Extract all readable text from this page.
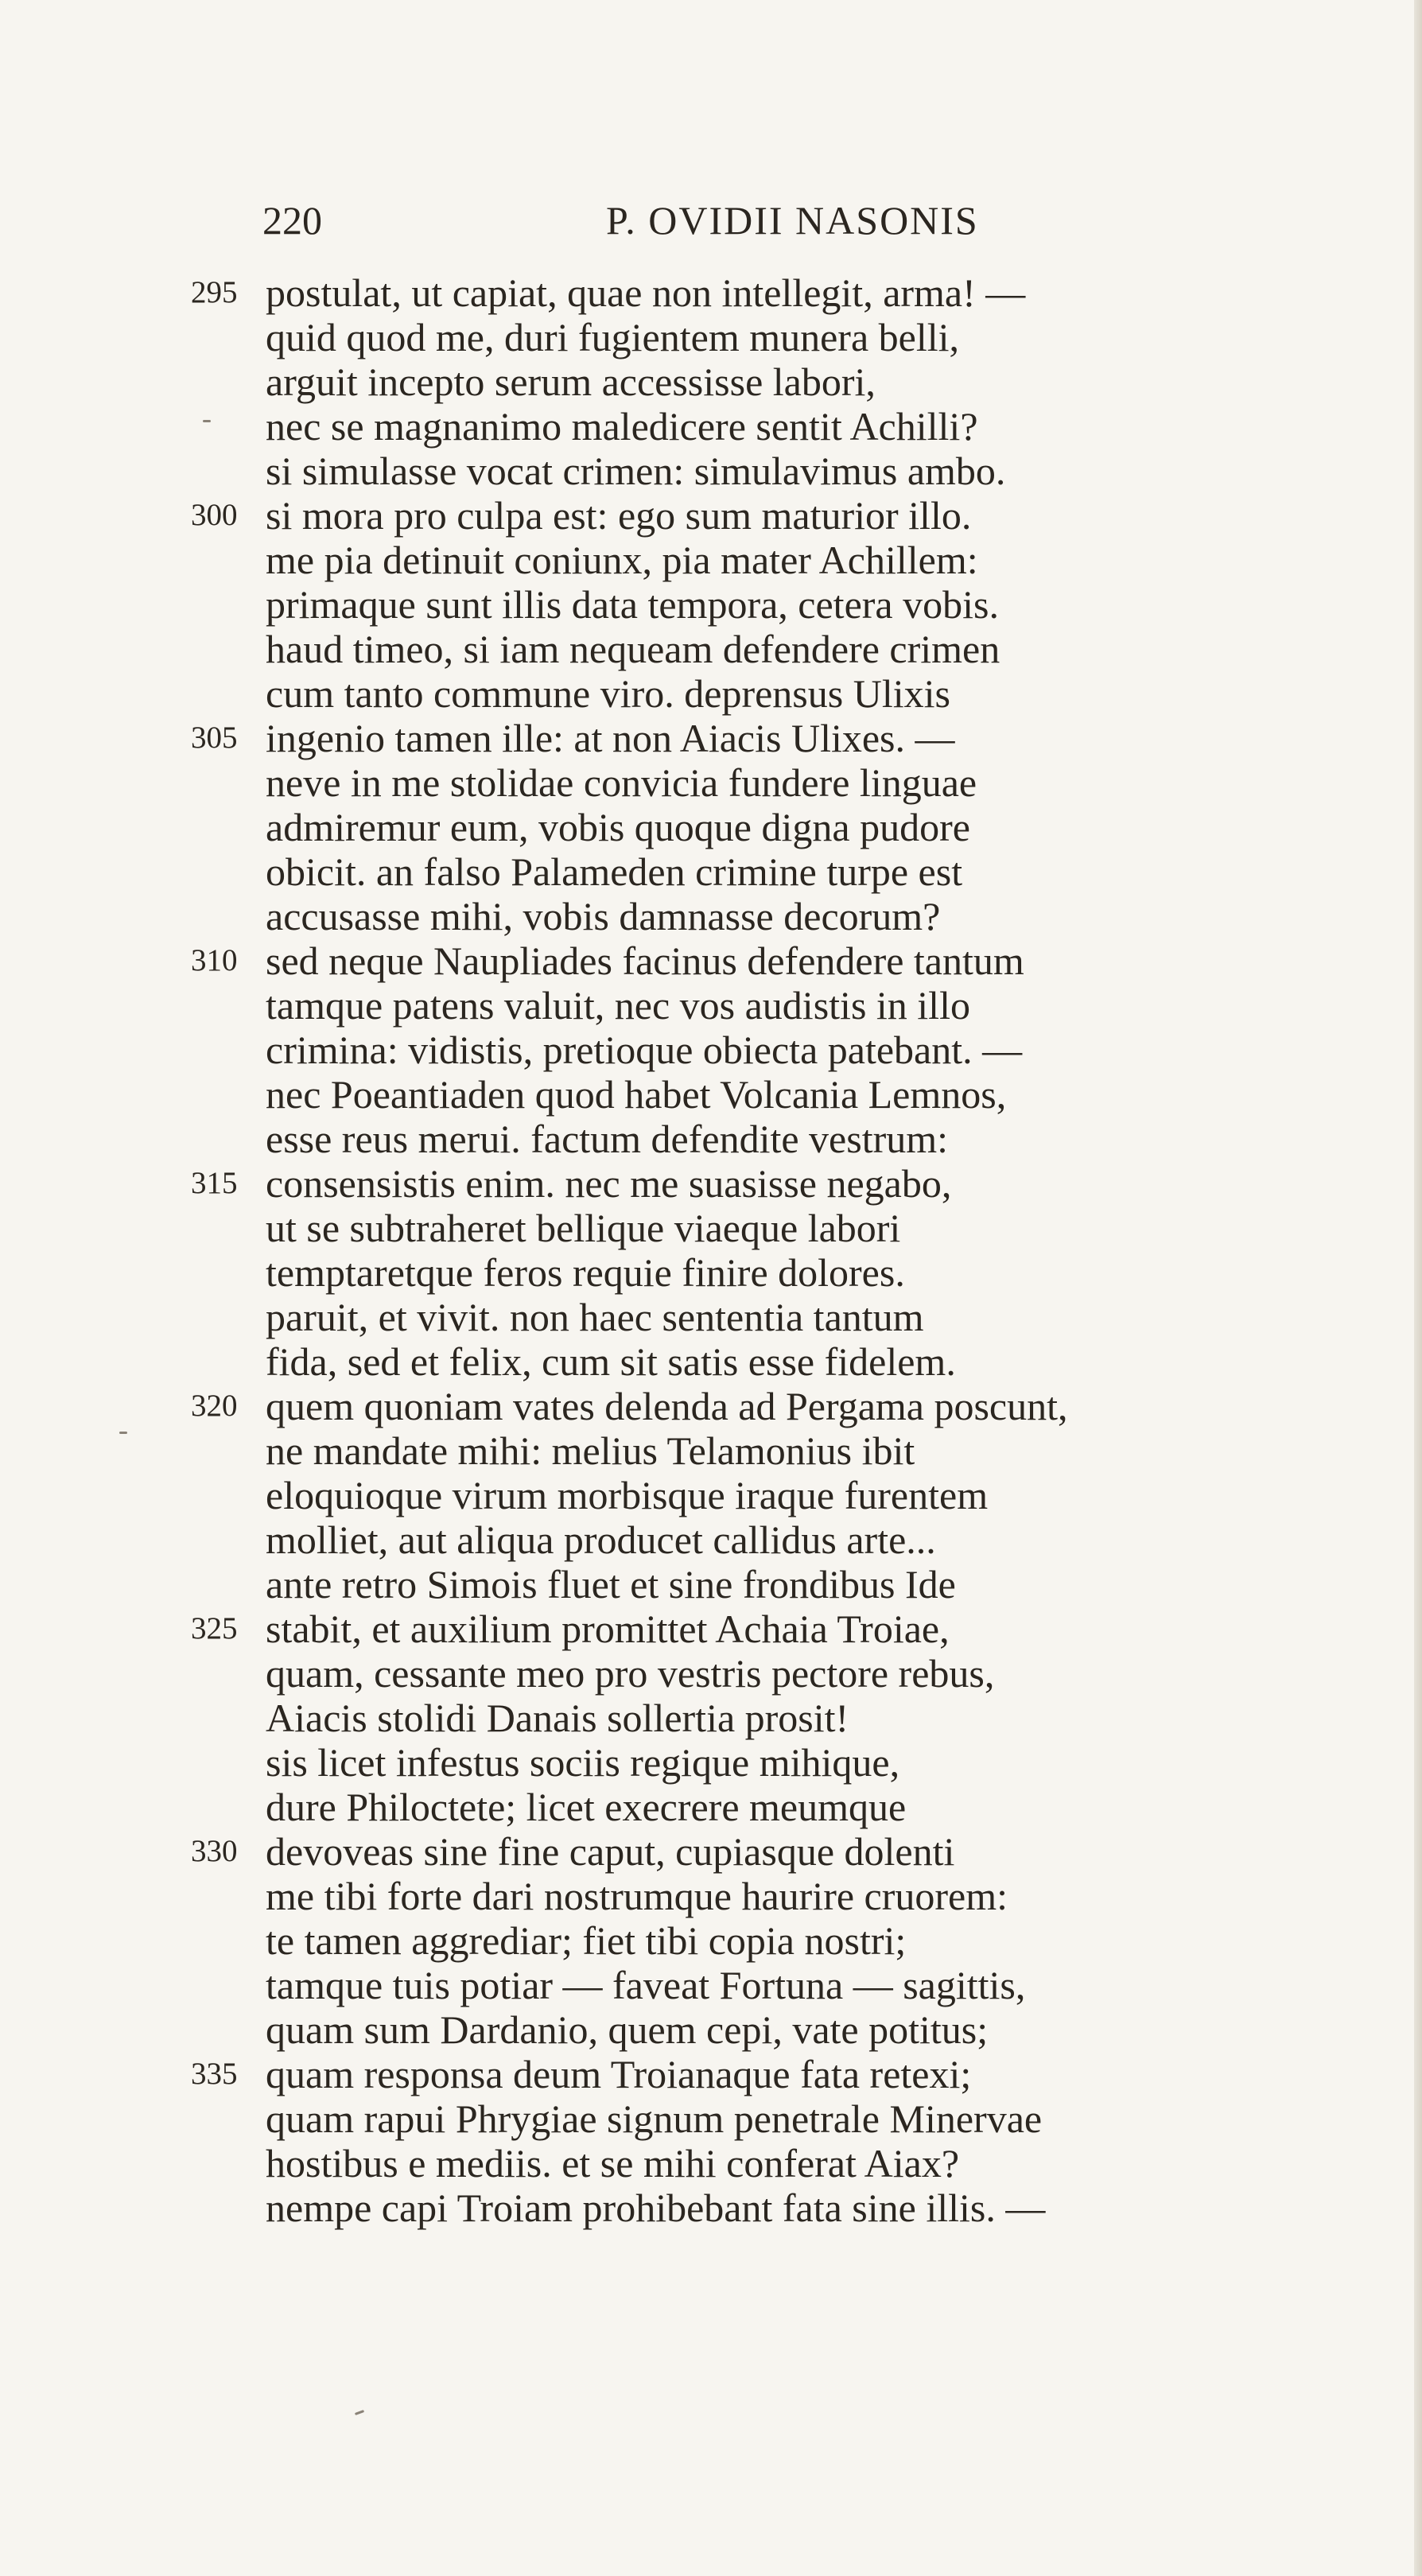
220	P. OVIDII NASONIS
295 postulat, ut capiat, quae non intellegit, arma! —
quid quod me, duri fugientem munera belli,
arguit incepto serum accessisse labori,
nec se magnanimo maledicere sentit Achilli?
si simulasse vocat crimen: simulavimus ambo.
300 si mora pro culpa est: ego sum maturior illo.
me pia detinuit coniunx, pia mater Achillem:
primaque sunt illis data tempora, cetera vobis.
haud timeo, si iam nequeam defendere crimen
cum tanto commune viro. deprensus Ulixis
305 ingenio tamen ille: at non Aiacis Ulixes. —
neve in me stolidae convicia fundere linguae
admiremur eum, vobis quoque digna pudore
obicit. an falso Palameden crimine turpe est
accusasse mihi, vobis damnasse decorum?
310 sed neque Naupliades facinus defendere tantum
tamque patens valuit, nec vos audistis in illo
crimina: vidistis, pretioque obiecta patebant. —
nec Poeantiaden quod habet Volcania Lemnos,
esse reus merui. factum defendite vestrum:
315 consensistis enim. nec me suasisse negabo,
ut se subtraheret bellique viaeque labori
temptaretque feros requie finire dolores.
paruit, et vivit. non haec sententia tantum
fida, sed et felix, cum sit satis esse fidelem.
320 quem quoniam vates delenda ad Pergama poscunt,
ne mandate mihi: melius Telamonius ibit
eloquioque virum morbisque iraque furentem
molliet, aut aliqua producet callidus arte...
ante retro Simois fluet et sine frondibus Ide
325 stabit, et auxilium promittet Achaia Troiae,
quam, cessante meo pro vestris pectore rebus,
Aiacis stolidi Danais sollertia prosit!
sis licet infestus sociis regique mihique,
dure Philoctete; licet execrere meumque
330 devoveas sine fine caput, cupiasque dolenti
me tibi forte dari nostrumque haurire cruorem:
te tamen aggrediar; fiet tibi copia nostri;
tamque tuis potiar — faveat Fortuna — sagittis,
quam sum Dardanio, quem cepi, vate potitus;
335 quam responsa deum Troianaque fata retexi;
quam rapui Phrygiae signum penetrale Minervae
hostibus e mediis. et se mihi conferat Aiax?
nempe capi Troiam prohibebant fata sine illis. —
